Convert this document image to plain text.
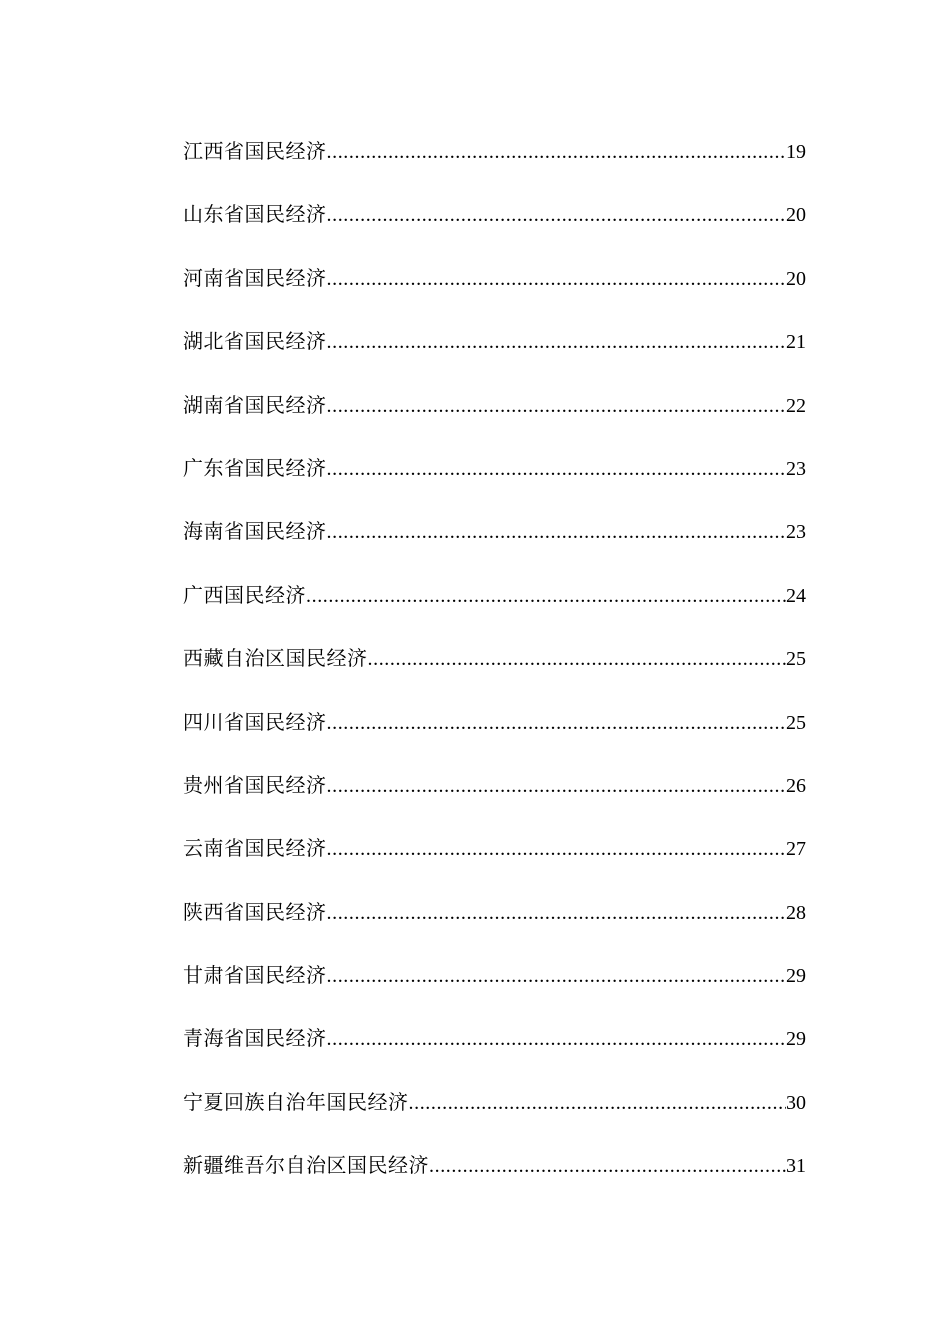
江西省国民经济 .....	19
山东省国民经济 .....	20
河南省国民经济 .....	20
湖北省国民经济 .....	21
湖南省国民经济 .....	22
广东省国民经济 .....	23
海南省国民经济 .....	23
广西国民经济 .....	24
西藏自治区国民经济 .....	25
四川省国民经济 .....	25
贵州省国民经济 .....	26
云南省国民经济 .....	27
陕西省国民经济 .....	28
甘肃省国民经济 .....	29
青海省国民经济 .....	29
宁夏回族自治年国民经济 .....	30
新疆维吾尔自治区国民经济 .....	31
